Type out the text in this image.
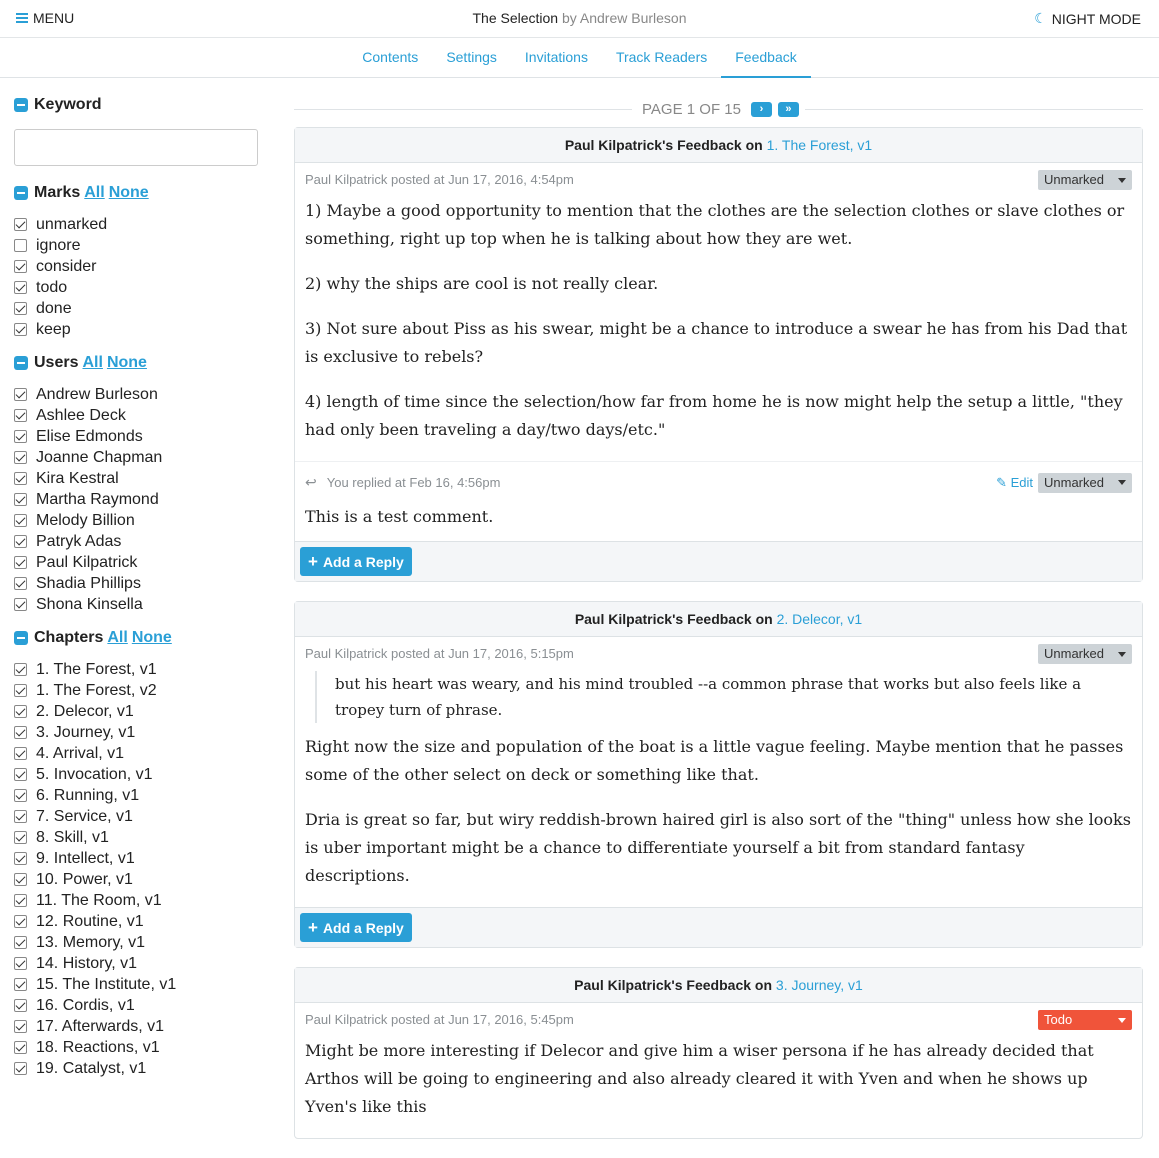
MENU	The Selection by Andrew Burleson	☾ NIGHT MODE
Contents	Settings	Invitations	Track Readers	Feedback
Keyword
Marks All None
unmarked
ignore
consider
todo
done
keep
Users All None
Andrew Burleson
Ashlee Deck
Elise Edmonds
Joanne Chapman
Kira Kestral
Martha Raymond
Melody Billion
Patryk Adas
Paul Kilpatrick
Shadia Phillips
Shona Kinsella
Chapters All None
1. The Forest, v1
1. The Forest, v2
2. Delecor, v1
3. Journey, v1
4. Arrival, v1
5. Invocation, v1
6. Running, v1
7. Service, v1
8. Skill, v1
9. Intellect, v1
10. Power, v1
11. The Room, v1
12. Routine, v1
13. Memory, v1
14. History, v1
15. The Institute, v1
16. Cordis, v1
17. Afterwards, v1
18. Reactions, v1
19. Catalyst, v1
PAGE 1 OF 15	›	»
Paul Kilpatrick's Feedback on 1. The Forest, v1
Paul Kilpatrick posted at Jun 17, 2016, 4:54pm	Unmarked

1) Maybe a good opportunity to mention that the clothes are the selection clothes or slave clothes or something, right up top when he is talking about how they are wet.

2) why the ships are cool is not really clear.

3) Not sure about Piss as his swear, might be a chance to introduce a swear he has from his Dad that is exclusive to rebels?

4) length of time since the selection/how far from home he is now might help the setup a little, "they had only been traveling a day/two days/etc."

↩ You replied at Feb 16, 4:56pm	✎ Edit Unmarked

This is a test comment.

+ Add a Reply
Paul Kilpatrick's Feedback on 2. Delecor, v1
Paul Kilpatrick posted at Jun 17, 2016, 5:15pm	Unmarked
but his heart was weary, and his mind troubled --a common phrase that works but also feels like a tropey turn of phrase.

Right now the size and population of the boat is a little vague feeling. Maybe mention that he passes some of the other select on deck or something like that.

Dria is great so far, but wiry reddish-brown haired girl is also sort of the "thing" unless how she looks is uber important might be a chance to differentiate yourself a bit from standard fantasy descriptions.

+ Add a Reply
Paul Kilpatrick's Feedback on 3. Journey, v1
Paul Kilpatrick posted at Jun 17, 2016, 5:45pm	Todo

Might be more interesting if Delecor and give him a wiser persona if he has already decided that Arthos will be going to engineering and also already cleared it with Yven and when he shows up Yven's like this
